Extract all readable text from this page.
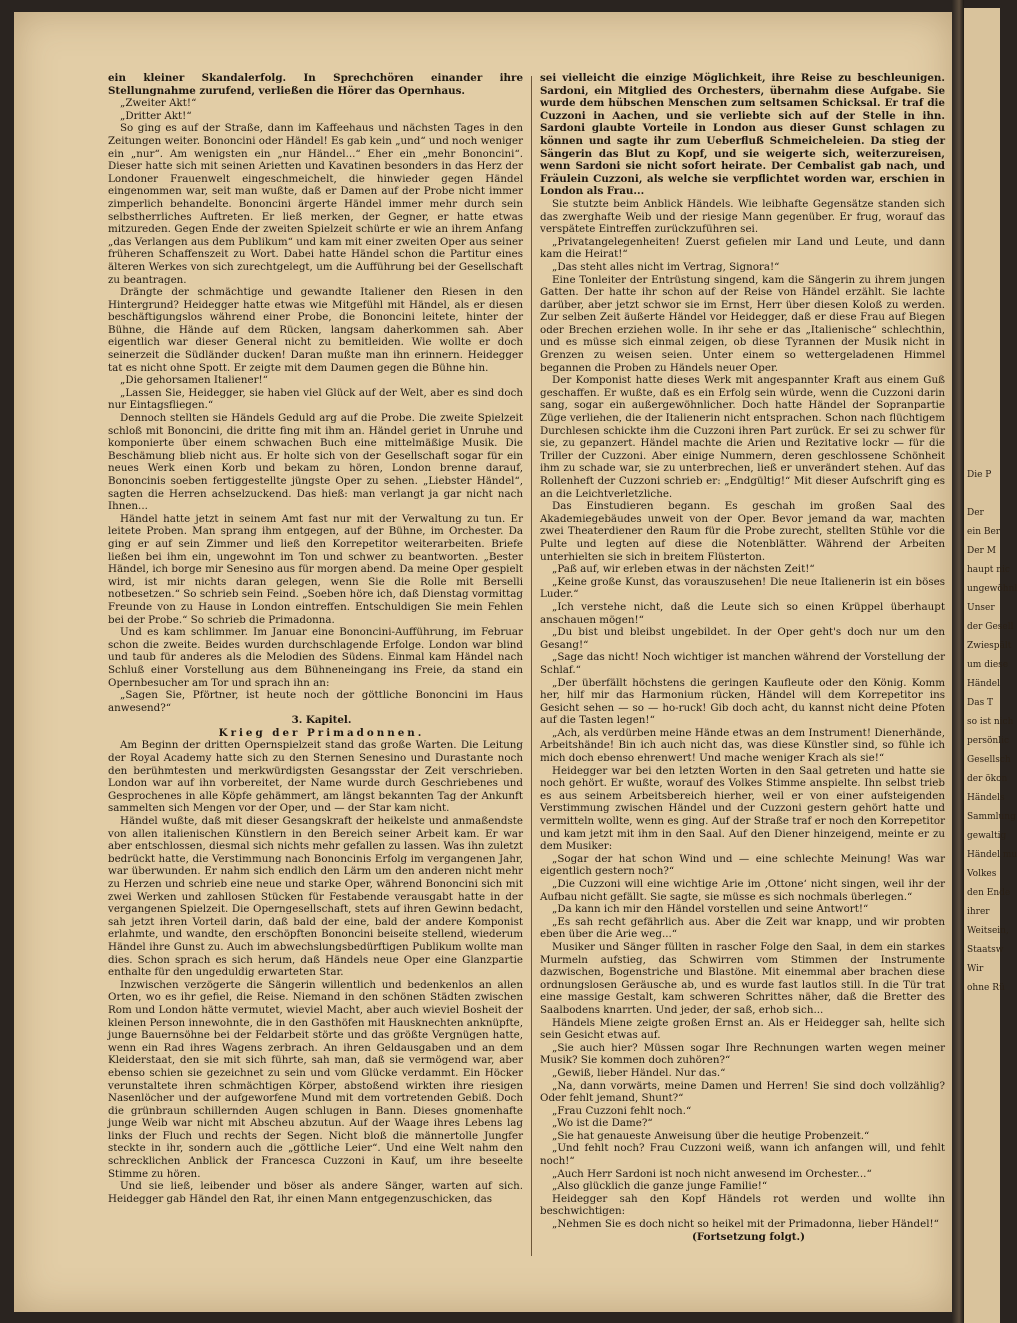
Die P
Der
ein Ber
Der M
haupt nic
ungewöhnl
Unser
der Gesell
Zwiespält
um diese
Händel
Das T
so ist nich
persönlic
Gesellsch
der ökon
Händels
Sammlung
gewaltig
Händel mu
Volkes
den Ende
ihrer
Weitsein,
Staatsw
Wir
ohne Rü

ein kleiner Skandalerfolg. In Sprechchören einander ihre Stellungnahme zurufend, verließen die Hörer das Opernhaus.

„Zweiter Akt!“

„Dritter Akt!“

So ging es auf der Straße, dann im Kaffeehaus und nächsten Tages in den Zeitungen weiter. Bononcini oder Händel! Es gab kein „und“ und noch weniger ein „nur“. Am wenigsten ein „nur Händel...“ Eher ein „mehr Bononcini“. Dieser hatte sich mit seinen Arietten und Kavatinen besonders in das Herz der Londoner Frauenwelt eingeschmeichelt, die hinwieder gegen Händel eingenommen war, seit man wußte, daß er Damen auf der Probe nicht immer zimperlich behandelte. Bononcini ärgerte Händel immer mehr durch sein selbstherrliches Auftreten. Er ließ merken, der Gegner, er hatte etwas mitzureden. Gegen Ende der zweiten Spielzeit schürte er wie an ihrem Anfang „das Verlangen aus dem Publikum“ und kam mit einer zweiten Oper aus seiner früheren Schaffenszeit zu Wort. Dabei hatte Händel schon die Partitur eines älteren Werkes von sich zurechtgelegt, um die Aufführung bei der Gesellschaft zu beantragen.

Drängte der schmächtige und gewandte Italiener den Riesen in den Hintergrund? Heidegger hatte etwas wie Mitgefühl mit Händel, als er diesen beschäftigungslos während einer Probe, die Bononcini leitete, hinter der Bühne, die Hände auf dem Rücken, langsam daherkommen sah. Aber eigentlich war dieser General nicht zu bemitleiden. Wie wollte er doch seinerzeit die Südländer ducken! Daran mußte man ihn erinnern. Heidegger tat es nicht ohne Spott. Er zeigte mit dem Daumen gegen die Bühne hin.

„Die gehorsamen Italiener!“

„Lassen Sie, Heidegger, sie haben viel Glück auf der Welt, aber es sind doch nur Eintagsfliegen.“

Dennoch stellten sie Händels Geduld arg auf die Probe. Die zweite Spielzeit schloß mit Bononcini, die dritte fing mit ihm an. Händel geriet in Unruhe und komponierte über einem schwachen Buch eine mittelmäßige Musik. Die Beschämung blieb nicht aus. Er holte sich von der Gesellschaft sogar für ein neues Werk einen Korb und bekam zu hören, London brenne darauf, Bononcinis soeben fertiggestellte jüngste Oper zu sehen. „Liebster Händel“, sagten die Herren achselzuckend. Das hieß: man verlangt ja gar nicht nach Ihnen...

Händel hatte jetzt in seinem Amt fast nur mit der Verwaltung zu tun. Er leitete Proben. Man sprang ihm entgegen, auf der Bühne, im Orchester. Da ging er auf sein Zimmer und ließ den Korrepetitor weiterarbeiten. Briefe ließen bei ihm ein, ungewohnt im Ton und schwer zu beantworten. „Bester Händel, ich borge mir Senesino aus für morgen abend. Da meine Oper gespielt wird, ist mir nichts daran gelegen, wenn Sie die Rolle mit Berselli notbesetzen.“ So schrieb sein Feind. „Soeben höre ich, daß Dienstag vormittag Freunde von zu Hause in London eintreffen. Entschuldigen Sie mein Fehlen bei der Probe.“ So schrieb die Primadonna.

Und es kam schlimmer. Im Januar eine Bononcini-Aufführung, im Februar schon die zweite. Beides wurden durchschlagende Erfolge. London war blind und taub für anderes als die Melodien des Südens. Einmal kam Händel nach Schluß einer Vorstellung aus dem Bühneneingang ins Freie, da stand ein Opernbesucher am Tor und sprach ihn an:

„Sagen Sie, Pförtner, ist heute noch der göttliche Bononcini im Haus anwesend?“

3. Kapitel.

Krieg der Primadonnen.

Am Beginn der dritten Opernspielzeit stand das große Warten. Die Leitung der Royal Academy hatte sich zu den Sternen Senesino und Durastante noch den berühmtesten und merkwürdigsten Gesangsstar der Zeit verschrieben. London war auf ihn vorbereitet, der Name wurde durch Geschriebenes und Gesprochenes in alle Köpfe gehämmert, am längst bekannten Tag der Ankunft sammelten sich Mengen vor der Oper, und — der Star kam nicht.

Händel wußte, daß mit dieser Gesangskraft der heikelste und anmaßendste von allen italienischen Künstlern in den Bereich seiner Arbeit kam. Er war aber entschlossen, diesmal sich nichts mehr gefallen zu lassen. Was ihn zuletzt bedrückt hatte, die Verstimmung nach Bononcinis Erfolg im vergangenen Jahr, war überwunden. Er nahm sich endlich den Lärm um den anderen nicht mehr zu Herzen und schrieb eine neue und starke Oper, während Bononcini sich mit zwei Werken und zahllosen Stücken für Festabende verausgabt hatte in der vergangenen Spielzeit. Die Operngesellschaft, stets auf ihren Gewinn bedacht, sah jetzt ihren Vorteil darin, daß bald der eine, bald der andere Komponist erlahmte, und wandte, den erschöpften Bononcini beiseite stellend, wiederum Händel ihre Gunst zu. Auch im abwechslungsbedürftigen Publikum wollte man dies. Schon sprach es sich herum, daß Händels neue Oper eine Glanzpartie enthalte für den ungeduldig erwarteten Star.

Inzwischen verzögerte die Sängerin willentlich und bedenkenlos an allen Orten, wo es ihr gefiel, die Reise. Niemand in den schönen Städten zwischen Rom und London hätte vermutet, wieviel Macht, aber auch wieviel Bosheit der kleinen Person innewohnte, die in den Gasthöfen mit Hausknechten anknüpfte, junge Bauernsöhne bei der Feldarbeit störte und das größte Vergnügen hatte, wenn ein Rad ihres Wagens zerbrach. An ihren Geldausgaben und an dem Kleiderstaat, den sie mit sich führte, sah man, daß sie vermögend war, aber ebenso schien sie gezeichnet zu sein und vom Glücke verdammt. Ein Höcker verunstaltete ihren schmächtigen Körper, abstoßend wirkten ihre riesigen Nasenlöcher und der aufgeworfene Mund mit dem vortretenden Gebiß. Doch die grünbraun schillernden Augen schlugen in Bann. Dieses gnomenhafte junge Weib war nicht mit Abscheu abzutun. Auf der Waage ihres Lebens lag links der Fluch und rechts der Segen. Nicht bloß die männertolle Jungfer steckte in ihr, sondern auch die „göttliche Leier“. Und eine Welt nahm den schrecklichen Anblick der Francesca Cuzzoni in Kauf, um ihre beseelte Stimme zu hören.

Und sie ließ, leibender und böser als andere Sänger, warten auf sich. Heidegger gab Händel den Rat, ihr einen Mann entgegenzuschicken, das

sei vielleicht die einzige Möglichkeit, ihre Reise zu beschleunigen. Sardoni, ein Mitglied des Orchesters, übernahm diese Aufgabe. Sie wurde dem hübschen Menschen zum seltsamen Schicksal. Er traf die Cuzzoni in Aachen, und sie verliebte sich auf der Stelle in ihn. Sardoni glaubte Vorteile in London aus dieser Gunst schlagen zu können und sagte ihr zum Ueberfluß Schmeicheleien. Da stieg der Sängerin das Blut zu Kopf, und sie weigerte sich, weiterzureisen, wenn Sardoni sie nicht sofort heirate. Der Cembalist gab nach, und Fräulein Cuzzoni, als welche sie verpflichtet worden war, erschien in London als Frau...

Sie stutzte beim Anblick Händels. Wie leibhafte Gegensätze standen sich das zwerghafte Weib und der riesige Mann gegenüber. Er frug, worauf das verspätete Eintreffen zurückzuführen sei.

„Privatangelegenheiten! Zuerst gefielen mir Land und Leute, und dann kam die Heirat!“

„Das steht alles nicht im Vertrag, Signora!“

Eine Tonleiter der Entrüstung singend, kam die Sängerin zu ihrem jungen Gatten. Der hatte ihr schon auf der Reise von Händel erzählt. Sie lachte darüber, aber jetzt schwor sie im Ernst, Herr über diesen Koloß zu werden. Zur selben Zeit äußerte Händel vor Heidegger, daß er diese Frau auf Biegen oder Brechen erziehen wolle. In ihr sehe er das „Italienische“ schlechthin, und es müsse sich einmal zeigen, ob diese Tyrannen der Musik nicht in Grenzen zu weisen seien. Unter einem so wettergeladenen Himmel begannen die Proben zu Händels neuer Oper.

Der Komponist hatte dieses Werk mit angespannter Kraft aus einem Guß geschaffen. Er wußte, daß es ein Erfolg sein würde, wenn die Cuzzoni darin sang, sogar ein außergewöhnlicher. Doch hatte Händel der Sopranpartie Züge verliehen, die der Italienerin nicht entsprachen. Schon nach flüchtigem Durchlesen schickte ihm die Cuzzoni ihren Part zurück. Er sei zu schwer für sie, zu gepanzert. Händel machte die Arien und Rezitative lockr — für die Triller der Cuzzoni. Aber einige Nummern, deren geschlossene Schönheit ihm zu schade war, sie zu unterbrechen, ließ er unverändert stehen. Auf das Rollenheft der Cuzzoni schrieb er: „Endgültig!“ Mit dieser Aufschrift ging es an die Leichtverletzliche.

Das Einstudieren begann. Es geschah im großen Saal des Akademiegebäudes unweit von der Oper. Bevor jemand da war, machten zwei Theaterdiener den Raum für die Probe zurecht, stellten Stühle vor die Pulte und legten auf diese die Notenblätter. Während der Arbeiten unterhielten sie sich in breitem Flüsterton.

„Paß auf, wir erleben etwas in der nächsten Zeit!“

„Keine große Kunst, das vorauszusehen! Die neue Italienerin ist ein böses Luder.“

„Ich verstehe nicht, daß die Leute sich so einen Krüppel überhaupt anschauen mögen!“

„Du bist und bleibst ungebildet. In der Oper geht's doch nur um den Gesang!“

„Sage das nicht! Noch wichtiger ist manchen während der Vorstellung der Schlaf.“

„Der überfällt höchstens die geringen Kaufleute oder den König. Komm her, hilf mir das Harmonium rücken, Händel will dem Korrepetitor ins Gesicht sehen — so — ho-ruck! Gib doch acht, du kannst nicht deine Pfoten auf die Tasten legen!“

„Ach, als verdürben meine Hände etwas an dem Instrument! Dienerhände, Arbeitshände! Bin ich auch nicht das, was diese Künstler sind, so fühle ich mich doch ebenso ehrenwert! Und mache weniger Krach als sie!“

Heidegger war bei den letzten Worten in den Saal getreten und hatte sie noch gehört. Er wußte, worauf des Volkes Stimme anspielte. Ihn selbst trieb es aus seinem Arbeitsbereich hierher, weil er von einer aufsteigenden Verstimmung zwischen Händel und der Cuzzoni gestern gehört hatte und vermitteln wollte, wenn es ging. Auf der Straße traf er noch den Korrepetitor und kam jetzt mit ihm in den Saal. Auf den Diener hinzeigend, meinte er zu dem Musiker:

„Sogar der hat schon Wind und — eine schlechte Meinung! Was war eigentlich gestern noch?“

„Die Cuzzoni will eine wichtige Arie im ‚Ottone‘ nicht singen, weil ihr der Aufbau nicht gefällt. Sie sagte, sie müsse es sich nochmals überlegen.“

„Da kann ich mir den Händel vorstellen und seine Antwort!“

„Es sah recht gefährlich aus. Aber die Zeit war knapp, und wir probten eben über die Arie weg...“

Musiker und Sänger füllten in rascher Folge den Saal, in dem ein starkes Murmeln aufstieg, das Schwirren vom Stimmen der Instrumente dazwischen, Bogenstriche und Blastöne. Mit einemmal aber brachen diese ordnungslosen Geräusche ab, und es wurde fast lautlos still. In die Tür trat eine massige Gestalt, kam schweren Schrittes näher, daß die Bretter des Saalbodens knarrten. Und jeder, der saß, erhob sich...

Händels Miene zeigte großen Ernst an. Als er Heidegger sah, hellte sich sein Gesicht etwas auf.

„Sie auch hier? Müssen sogar Ihre Rechnungen warten wegen meiner Musik? Sie kommen doch zuhören?“

„Gewiß, lieber Händel. Nur das.“

„Na, dann vorwärts, meine Damen und Herren! Sie sind doch vollzählig? Oder fehlt jemand, Shunt?“

„Frau Cuzzoni fehlt noch.“

„Wo ist die Dame?“

„Sie hat genaueste Anweisung über die heutige Probenzeit.“

„Und fehlt noch? Frau Cuzzoni weiß, wann ich anfangen will, und fehlt noch!“

„Auch Herr Sardoni ist noch nicht anwesend im Orchester...“

„Also glücklich die ganze junge Familie!“

Heidegger sah den Kopf Händels rot werden und wollte ihn beschwichtigen:

„Nehmen Sie es doch nicht so heikel mit der Primadonna, lieber Händel!“

(Fortsetzung folgt.)
